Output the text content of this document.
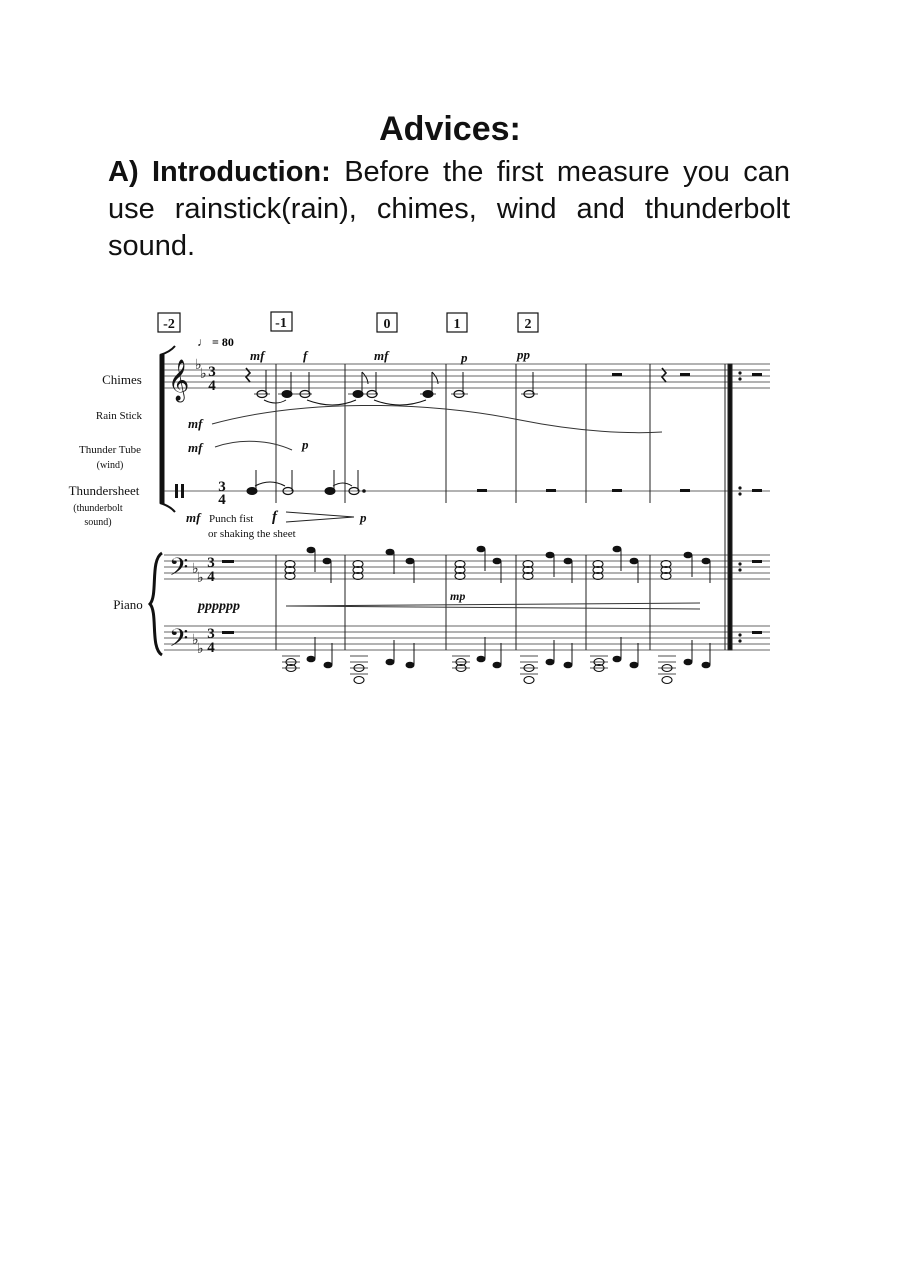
Advices:
A) Introduction: Before the first measure you can use rainstick(rain), chimes, wind and thunderbolt sound.
-2	-1	0	1	2
♩ = 80
Chimes
Rain Stick
Thunder Tube
(wind)
Thundersheet
(thunderbolt
sound)
Piano
𝄞
𝄢
𝄢
♭
♭
♭
♭
♭
♭
3
4
3
4
3
4
3
4
mf	f	mf	p	pp
mf
mf	p
mf Punch fist
or shaking the sheet
f	p
pppppp
mp
